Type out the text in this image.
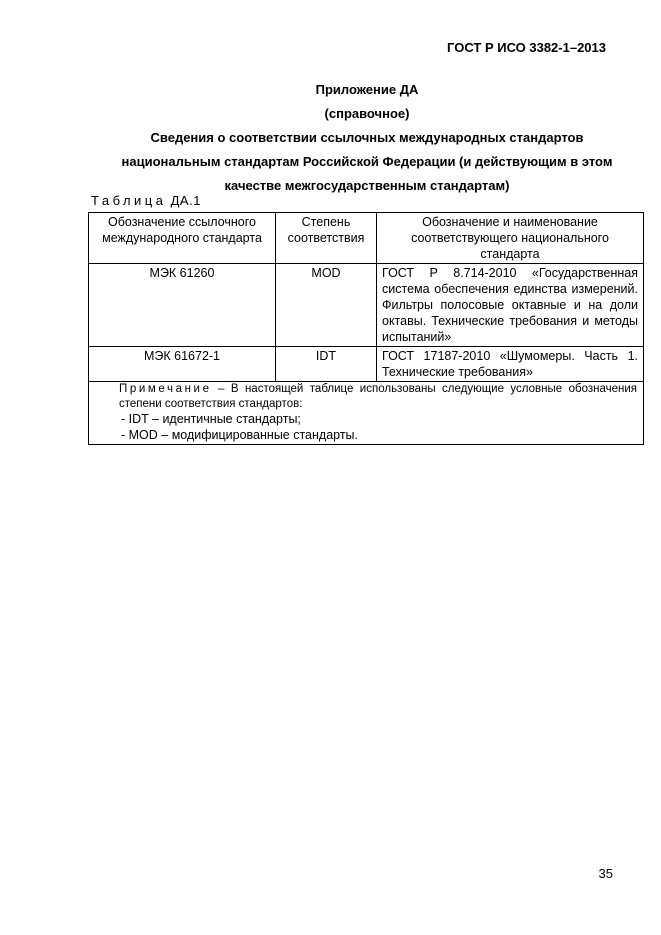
ГОСТ Р ИСО 3382-1–2013
Приложение ДА
(справочное)
Сведения о соответствии ссылочных международных стандартов
национальным стандартам Российской Федерации (и действующим в этом
качестве межгосударственным стандартам)
Таблица ДА.1
Обозначение ссылочного международного стандарта	Степень соответствия	Обозначение и наименование соответствующего национального стандарта
МЭК 61260	MOD	ГОСТ Р 8.714-2010 «Государственная система обеспечения единства измерений. Фильтры полосовые октавные и на доли октавы. Технические требования и методы испытаний»
МЭК 61672-1	IDT	ГОСТ 17187-2010 «Шумомеры. Часть 1. Технические требования»

Примечание – В настоящей таблице использованы следующие условные обозначения степени соответствия стандартов:
- IDT – идентичные стандарты;
- MOD – модифицированные стандарты.		
35
